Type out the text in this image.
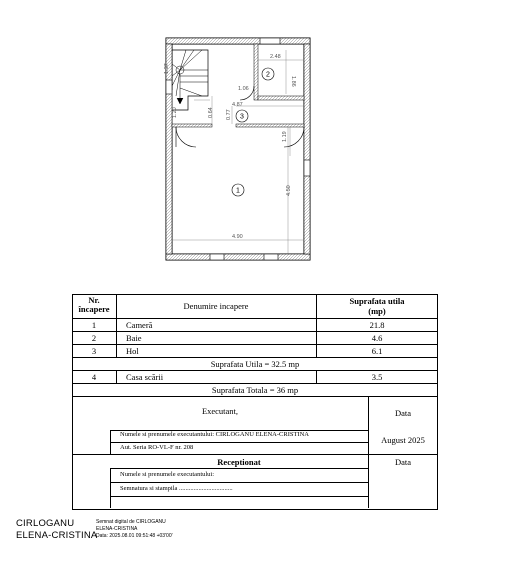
2.48
1.86
1.37
1.06
1.20	0.64 0.77
4.87
1.19
4.50
4.90
2
3
1
Nr.
încapere	Denumire incapere	Suprafata utila
(mp)
1	Cameră	21.8
2	Baie	4.6
3	Hol	6.1
Suprafata Utila = 32.5 mp
4	Casa scării	3.5
Suprafata Totala = 36 mp
Executant,	Data
Numele si prenumele executantului: CIRLOGANU ELENA-CRISTINA
Aut. Seria RO-VL-F nr. 208
August 2025
Receptionat	Data
Numele si prenumele executantului:
Semnatura si stampila .................................
CIRLOGANU
ELENA-CRISTINA
Semnat digital de CIRLOGANU
ELENA-CRISTINA
Data: 2025.08.01 09:51:48 +03'00'
